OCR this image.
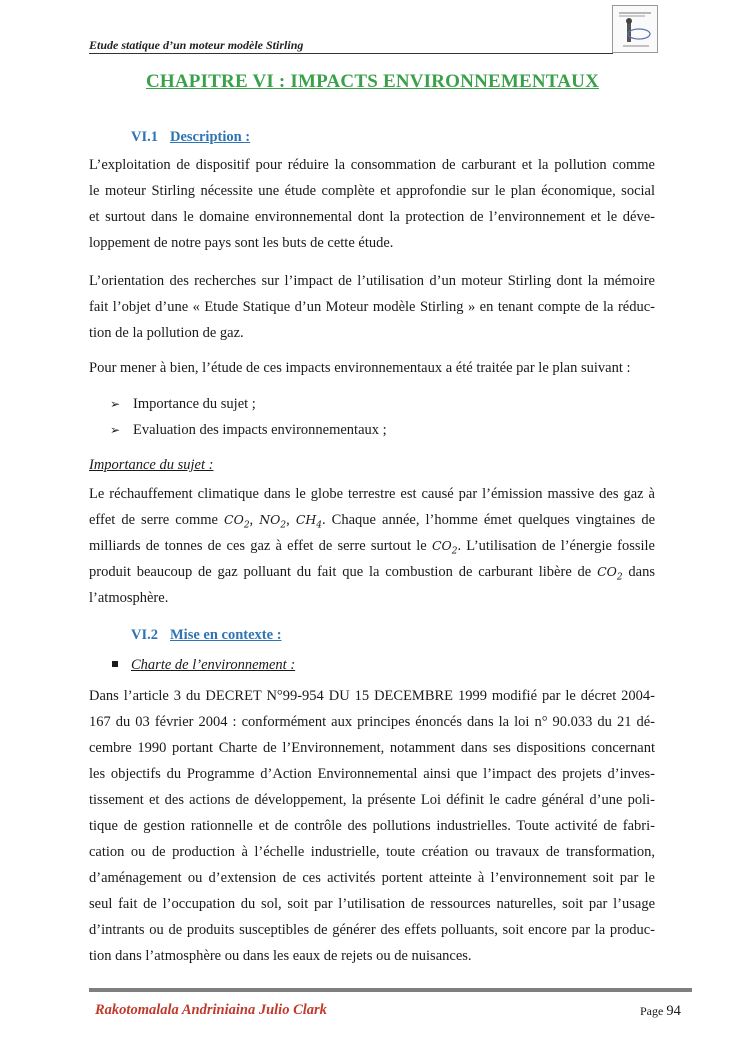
Etude statique d’un moteur modèle Stirling
CHAPITRE VI : IMPACTS ENVIRONNEMENTAUX
VI.1 Description :
L’exploitation de dispositif pour réduire la consommation de carburant et la pollution comme
le moteur Stirling nécessite une étude complète et approfondie sur le plan économique, social
et surtout dans le domaine environnemental dont la protection de l’environnement et le déve-
loppement de notre pays sont les buts de cette étude.
L’orientation des recherches sur l’impact de l’utilisation d’un moteur Stirling dont la mémoire
fait l’objet d’une « Etude Statique d’un Moteur modèle Stirling » en tenant compte de la réduc-
tion de la pollution de gaz.
Pour mener à bien, l’étude de ces impacts environnementaux a été traitée par le plan suivant :
➢ Importance du sujet ;
➢ Evaluation des impacts environnementaux ;
Importance du sujet :
Le réchauffement climatique dans le globe terrestre est causé par l’émission massive des gaz à
effet de serre comme $CO_2$, $NO_2$, $CH_4$. Chaque année, l’homme émet quelques vingtaines de
milliards de tonnes de ces gaz à effet de serre surtout le $CO_2$. L’utilisation de l’énergie fossile
produit beaucoup de gaz polluant du fait que la combustion de carburant libère de $CO_2$ dans
l’atmosphère.
VI.2 Mise en contexte :
Charte de l’environnement :
Dans l’article 3 du DECRET N°99-954 DU 15 DECEMBRE 1999 modifié par le décret 2004-
167 du 03 février 2004 : conformément aux principes énoncés dans la loi n° 90.033 du 21 dé-
cembre 1990 portant Charte de l’Environnement, notamment dans ses dispositions concernant
les objectifs du Programme d’Action Environnemental ainsi que l’impact des projets d’inves-
tissement et des actions de développement, la présente Loi définit le cadre général d’une poli-
tique de gestion rationnelle et de contrôle des pollutions industrielles. Toute activité de fabri-
cation ou de production à l’échelle industrielle, toute création ou travaux de transformation,
d’aménagement ou d’extension de ces activités portent atteinte à l’environnement soit par le
seul fait de l’occupation du sol, soit par l’utilisation de ressources naturelles, soit par l’usage
d’intrants ou de produits susceptibles de générer des effets polluants, soit encore par la produc-
tion dans l’atmosphère ou dans les eaux de rejets ou de nuisances.
Rakotomalala Andriniaina Julio Clark	Page 94
